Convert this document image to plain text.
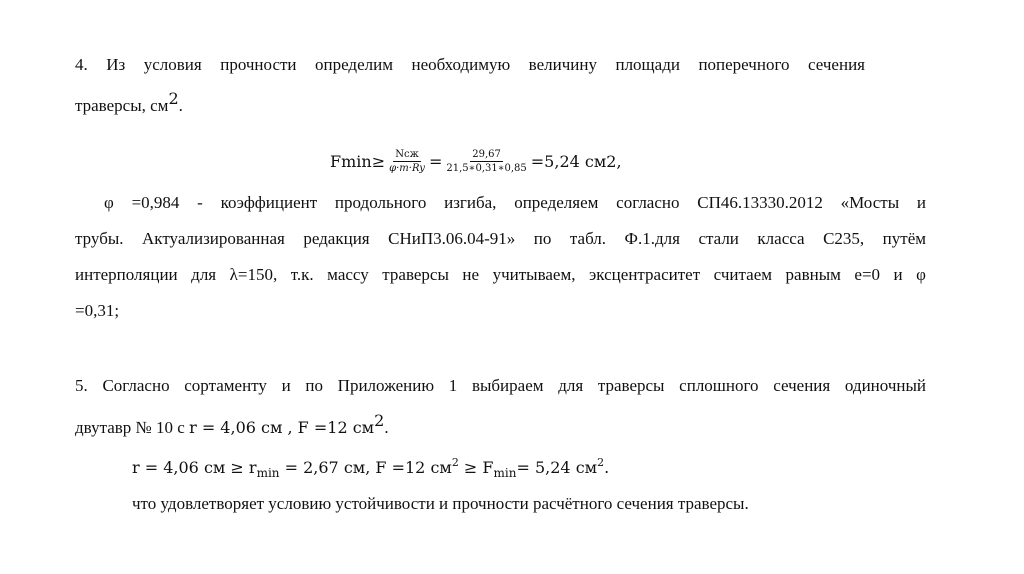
4. Из условия прочности определим необходимую величину площади поперечного сечения
траверсы, см2.
F $\min \ge \frac{\text{Nсж}}{\varphi\cdot m\cdot Ry} = \frac{29,67}{21,5∗0,31∗0,85} =5,24$ см 2 ,
φ =0,984 - коэффициент продольного изгиба, определяем согласно СП46.13330.2012 «Мосты и
трубы. Актуализированная редакция СНиП3.06.04-91» по табл. Ф.1.для стали класса С235, путём
интерполяции для λ=150, т.к. массу траверсы не учитываем, эксцентраситет считаем равным е=0 и φ
=0,31;
5. Согласно сортаменту и по Приложению 1 выбираем для траверсы сплошного сечения одиночный
двутавр № 10 с r = 4,06 см , F =12 см2.
r = 4,06 см ≥ $r_{min} = 2,67$ см, F =12 $см^2 \ge F_{min}= 5,24$ $см^2$.
что удовлетворяет условию устойчивости и прочности расчётного сечения траверсы.
